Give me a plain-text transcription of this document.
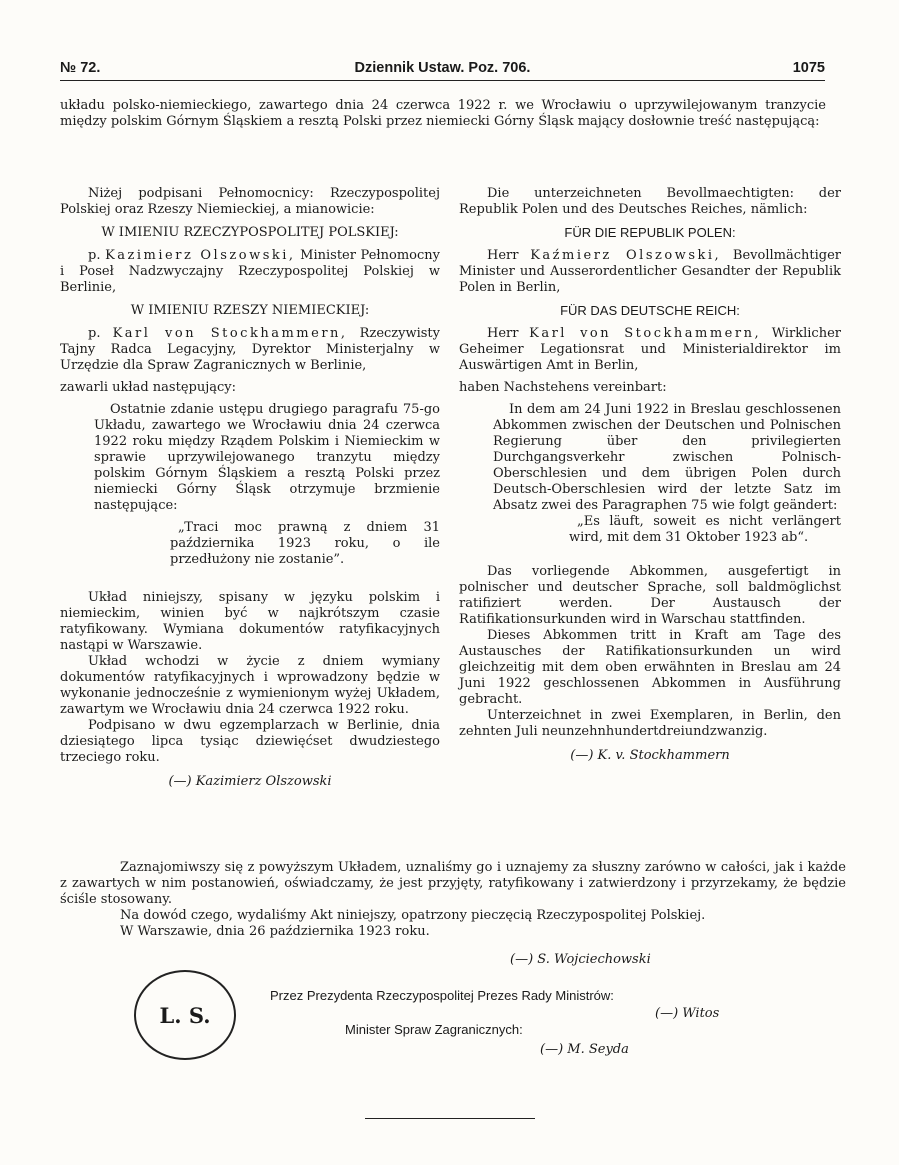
№ 72.	Dziennik Ustaw. Poz. 706.	1075

układu polsko-niemieckiego, zawartego dnia 24 czerwca 1922 r. we Wrocławiu o uprzywilejowanym tranzycie między polskim Górnym Śląskiem a resztą Polski przez niemiecki Górny Śląsk mający dosłownie treść następującą:

Niżej podpisani Pełnomocnicy: Rzeczypospolitej Polskiej oraz Rzeszy Niemieckiej, a mianowicie:

W IMIENIU RZECZYPOSPOLITEJ POLSKIEJ:

p. Kazimierz Olszowski, Minister Pełnomocny i Poseł Nadzwyczajny Rzeczypospolitej Polskiej w Berlinie,

W IMIENIU RZESZY NIEMIECKIEJ:

p. Karl von Stockhammern, Rzeczywisty Tajny Radca Legacyjny, Dyrektor Ministerjalny w Urzędzie dla Spraw Zagranicznych w Berlinie,

zawarli układ następujący:

Ostatnie zdanie ustępu drugiego paragrafu 75-go Układu, zawartego we Wrocławiu dnia 24 czerwca 1922 roku między Rządem Polskim i Niemieckim w sprawie uprzywilejowanego tranzytu między polskim Górnym Śląskiem a resztą Polski przez niemiecki Górny Śląsk otrzymuje brzmienie następujące:

„Traci moc prawną z dniem 31 października 1923 roku, o ile przedłużony nie zostanie”.

Układ niniejszy, spisany w języku polskim i niemieckim, winien być w najkrótszym czasie ratyfikowany. Wymiana dokumentów ratyfikacyjnych nastąpi w Warszawie.

Układ wchodzi w życie z dniem wymiany dokumentów ratyfikacyjnych i wprowadzony będzie w wykonanie jednocześnie z wymienionym wyżej Układem, zawartym we Wrocławiu dnia 24 czerwca 1922 roku.

Podpisano w dwu egzemplarzach w Berlinie, dnia dziesiątego lipca tysiąc dziewięćset dwudziestego trzeciego roku.

(—) Kazimierz Olszowski

Die unterzeichneten Bevollmaechtigten: der Republik Polen und des Deutsches Reiches, nämlich:

FÜR DIE REPUBLIK POLEN:

Herr Kaźmierz Olszowski, Bevollmächtiger Minister und Ausserordentlicher Gesandter der Republik Polen in Berlin,

FÜR DAS DEUTSCHE REICH:

Herr Karl von Stockhammern, Wirklicher Geheimer Legationsrat und Ministerialdirektor im Auswärtigen Amt in Berlin,

haben Nachstehens vereinbart:

In dem am 24 Juni 1922 in Breslau geschlossenen Abkommen zwischen der Deutschen und Polnischen Regierung über den privilegierten Durchgangsverkehr zwischen Polnisch-Oberschlesien und dem übrigen Polen durch Deutsch-Oberschlesien wird der letzte Satz im Absatz zwei des Paragraphen 75 wie folgt geändert:

„Es läuft, soweit es nicht verlängert wird, mit dem 31 Oktober 1923 ab“.

Das vorliegende Abkommen, ausgefertigt in polnischer und deutscher Sprache, soll baldmöglichst ratifiziert werden. Der Austausch der Ratifikationsurkunden wird in Warschau stattfinden.

Dieses Abkommen tritt in Kraft am Tage des Austausches der Ratifikationsurkunden un wird gleichzeitig mit dem oben erwähnten in Breslau am 24 Juni 1922 geschlossenen Abkommen in Ausführung gebracht.

Unterzeichnet in zwei Exemplaren, in Berlin, den zehnten Juli neunzehnhundertdreiundzwanzig.

(—) K. v. Stockhammern

Zaznajomiwszy się z powyższym Układem, uznaliśmy go i uznajemy za słuszny zarówno w całości, jak i każde z zawartych w nim postanowień, oświadczamy, że jest przyjęty, ratyfikowany i zatwierdzony i przyrzekamy, że będzie ściśle stosowany.

Na dowód czego, wydaliśmy Akt niniejszy, opatrzony pieczęcią Rzeczypospolitej Polskiej.

W Warszawie, dnia 26 października 1923 roku.

(—) S. Wojciechowski
L. S.
Przez Prezydenta Rzeczypospolitej Prezes Rady Ministrów:
(—) Witos
Minister Spraw Zagranicznych:
(—) M. Seyda
